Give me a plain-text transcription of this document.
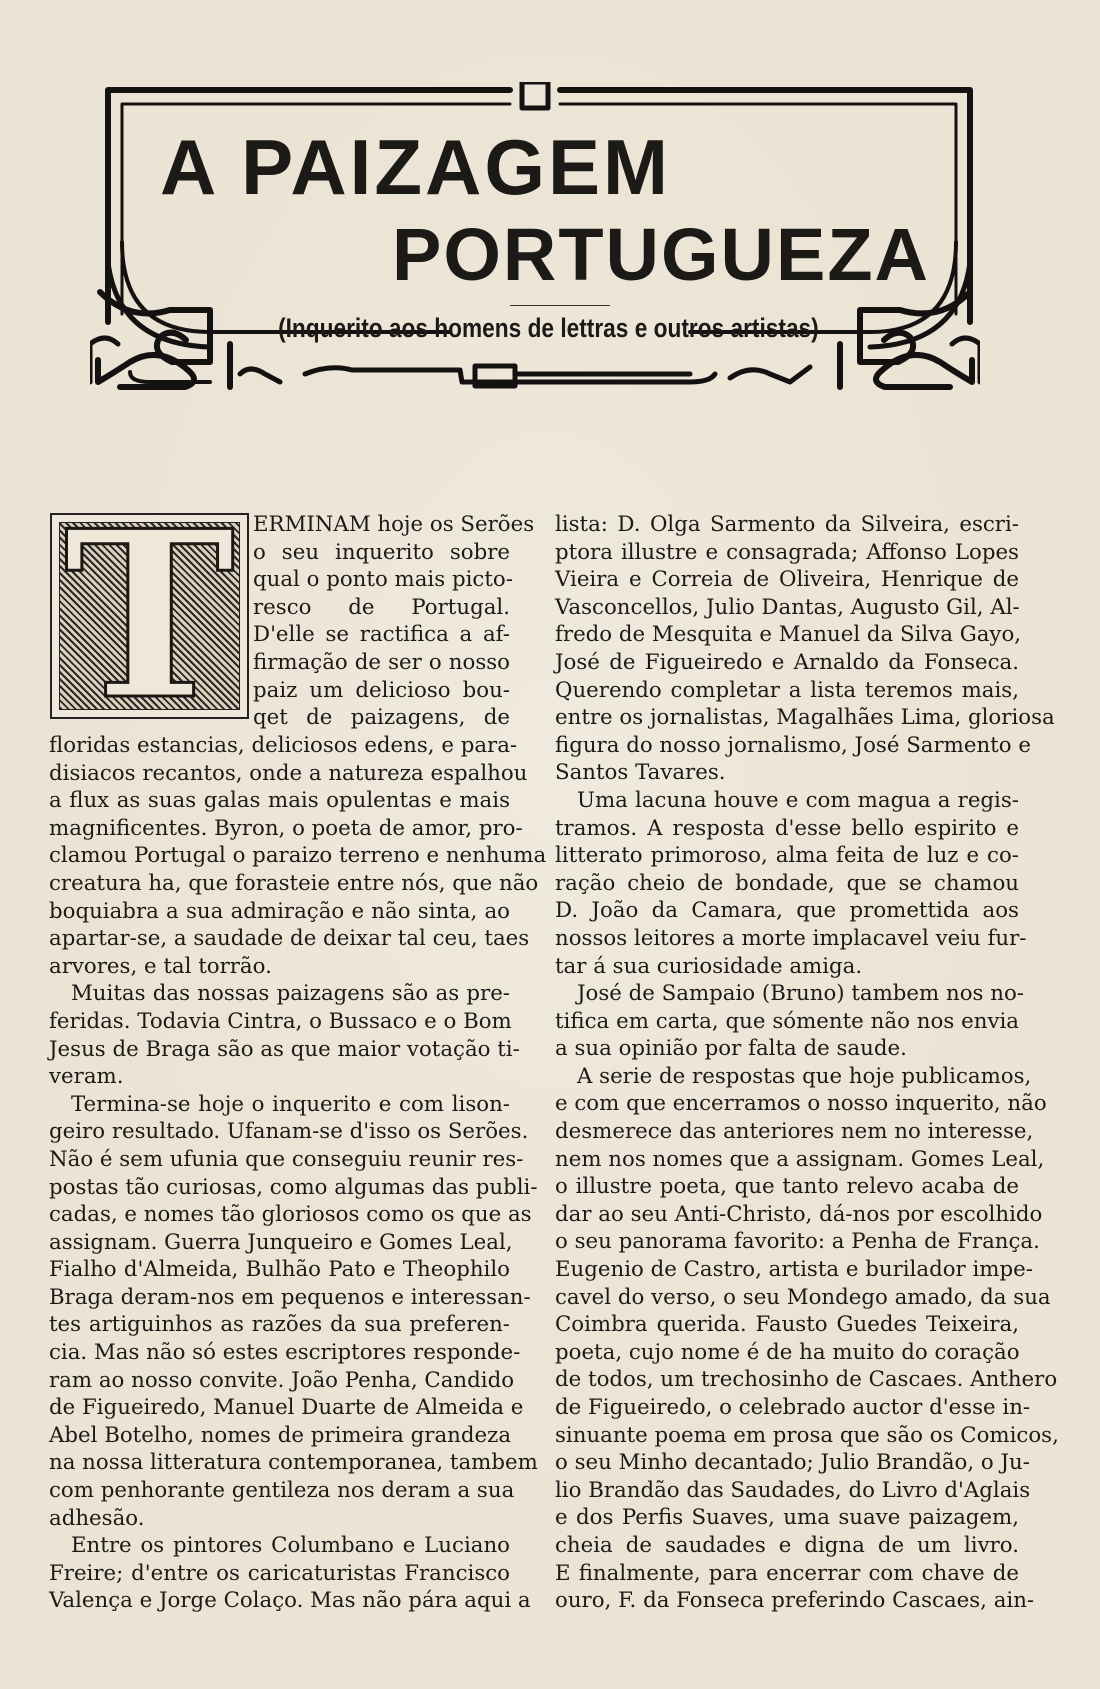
A PAIZAGEM
PORTUGUEZA
(Inquerito aos homens de lettras e outros artistas)
T ERMINAM hoje os Serões
o seu inquerito sobre
qual o ponto mais picto-
resco de Portugal.
D'elle se ractifica a af-
firmação de ser o nosso
paiz um delicioso bou-
qet de paizagens, de
floridas estancias, deliciosos edens, e para-
disiacos recantos, onde a natureza espalhou
a flux as suas galas mais opulentas e mais
magnificentes. Byron, o poeta de amor, pro-
clamou Portugal o paraizo terreno e nenhuma
creatura ha, que forasteie entre nós, que não
boquiabra a sua admiração e não sinta, ao
apartar-se, a saudade de deixar tal ceu, taes
arvores, e tal torrão.
Muitas das nossas paizagens são as pre-
feridas. Todavia Cintra, o Bussaco e o Bom
Jesus de Braga são as que maior votação ti-
veram.
Termina-se hoje o inquerito e com lison-
geiro resultado. Ufanam-se d'isso os Serões.
Não é sem ufunia que conseguiu reunir res-
postas tão curiosas, como algumas das publi-
cadas, e nomes tão gloriosos como os que as
assignam. Guerra Junqueiro e Gomes Leal,
Fialho d'Almeida, Bulhão Pato e Theophilo
Braga deram-nos em pequenos e interessan-
tes artiguinhos as razões da sua preferen-
cia. Mas não só estes escriptores responde-
ram ao nosso convite. João Penha, Candido
de Figueiredo, Manuel Duarte de Almeida e
Abel Botelho, nomes de primeira grandeza
na nossa litteratura contemporanea, tambem
com penhorante gentileza nos deram a sua
adhesão.
Entre os pintores Columbano e Luciano
Freire; d'entre os caricaturistas Francisco
Valença e Jorge Colaço. Mas não pára aqui a
lista: D. Olga Sarmento da Silveira, escri-
ptora illustre e consagrada; Affonso Lopes
Vieira e Correia de Oliveira, Henrique de
Vasconcellos, Julio Dantas, Augusto Gil, Al-
fredo de Mesquita e Manuel da Silva Gayo,
José de Figueiredo e Arnaldo da Fonseca.
Querendo completar a lista teremos mais,
entre os jornalistas, Magalhães Lima, gloriosa
figura do nosso jornalismo, José Sarmento e
Santos Tavares.
Uma lacuna houve e com magua a regis-
tramos. A resposta d'esse bello espirito e
litterato primoroso, alma feita de luz e co-
ração cheio de bondade, que se chamou
D. João da Camara, que promettida aos
nossos leitores a morte implacavel veiu fur-
tar á sua curiosidade amiga.
José de Sampaio (Bruno) tambem nos no-
tifica em carta, que sómente não nos envia
a sua opinião por falta de saude.
A serie de respostas que hoje publicamos,
e com que encerramos o nosso inquerito, não
desmerece das anteriores nem no interesse,
nem nos nomes que a assignam. Gomes Leal,
o illustre poeta, que tanto relevo acaba de
dar ao seu Anti-Christo, dá-nos por escolhido
o seu panorama favorito: a Penha de França.
Eugenio de Castro, artista e burilador impe-
cavel do verso, o seu Mondego amado, da sua
Coimbra querida. Fausto Guedes Teixeira,
poeta, cujo nome é de ha muito do coração
de todos, um trechosinho de Cascaes. Anthero
de Figueiredo, o celebrado auctor d'esse in-
sinuante poema em prosa que são os Comicos,
o seu Minho decantado; Julio Brandão, o Ju-
lio Brandão das Saudades, do Livro d'Aglais
e dos Perfis Suaves, uma suave paizagem,
cheia de saudades e digna de um livro.
E finalmente, para encerrar com chave de
ouro, F. da Fonseca preferindo Cascaes, ain-
